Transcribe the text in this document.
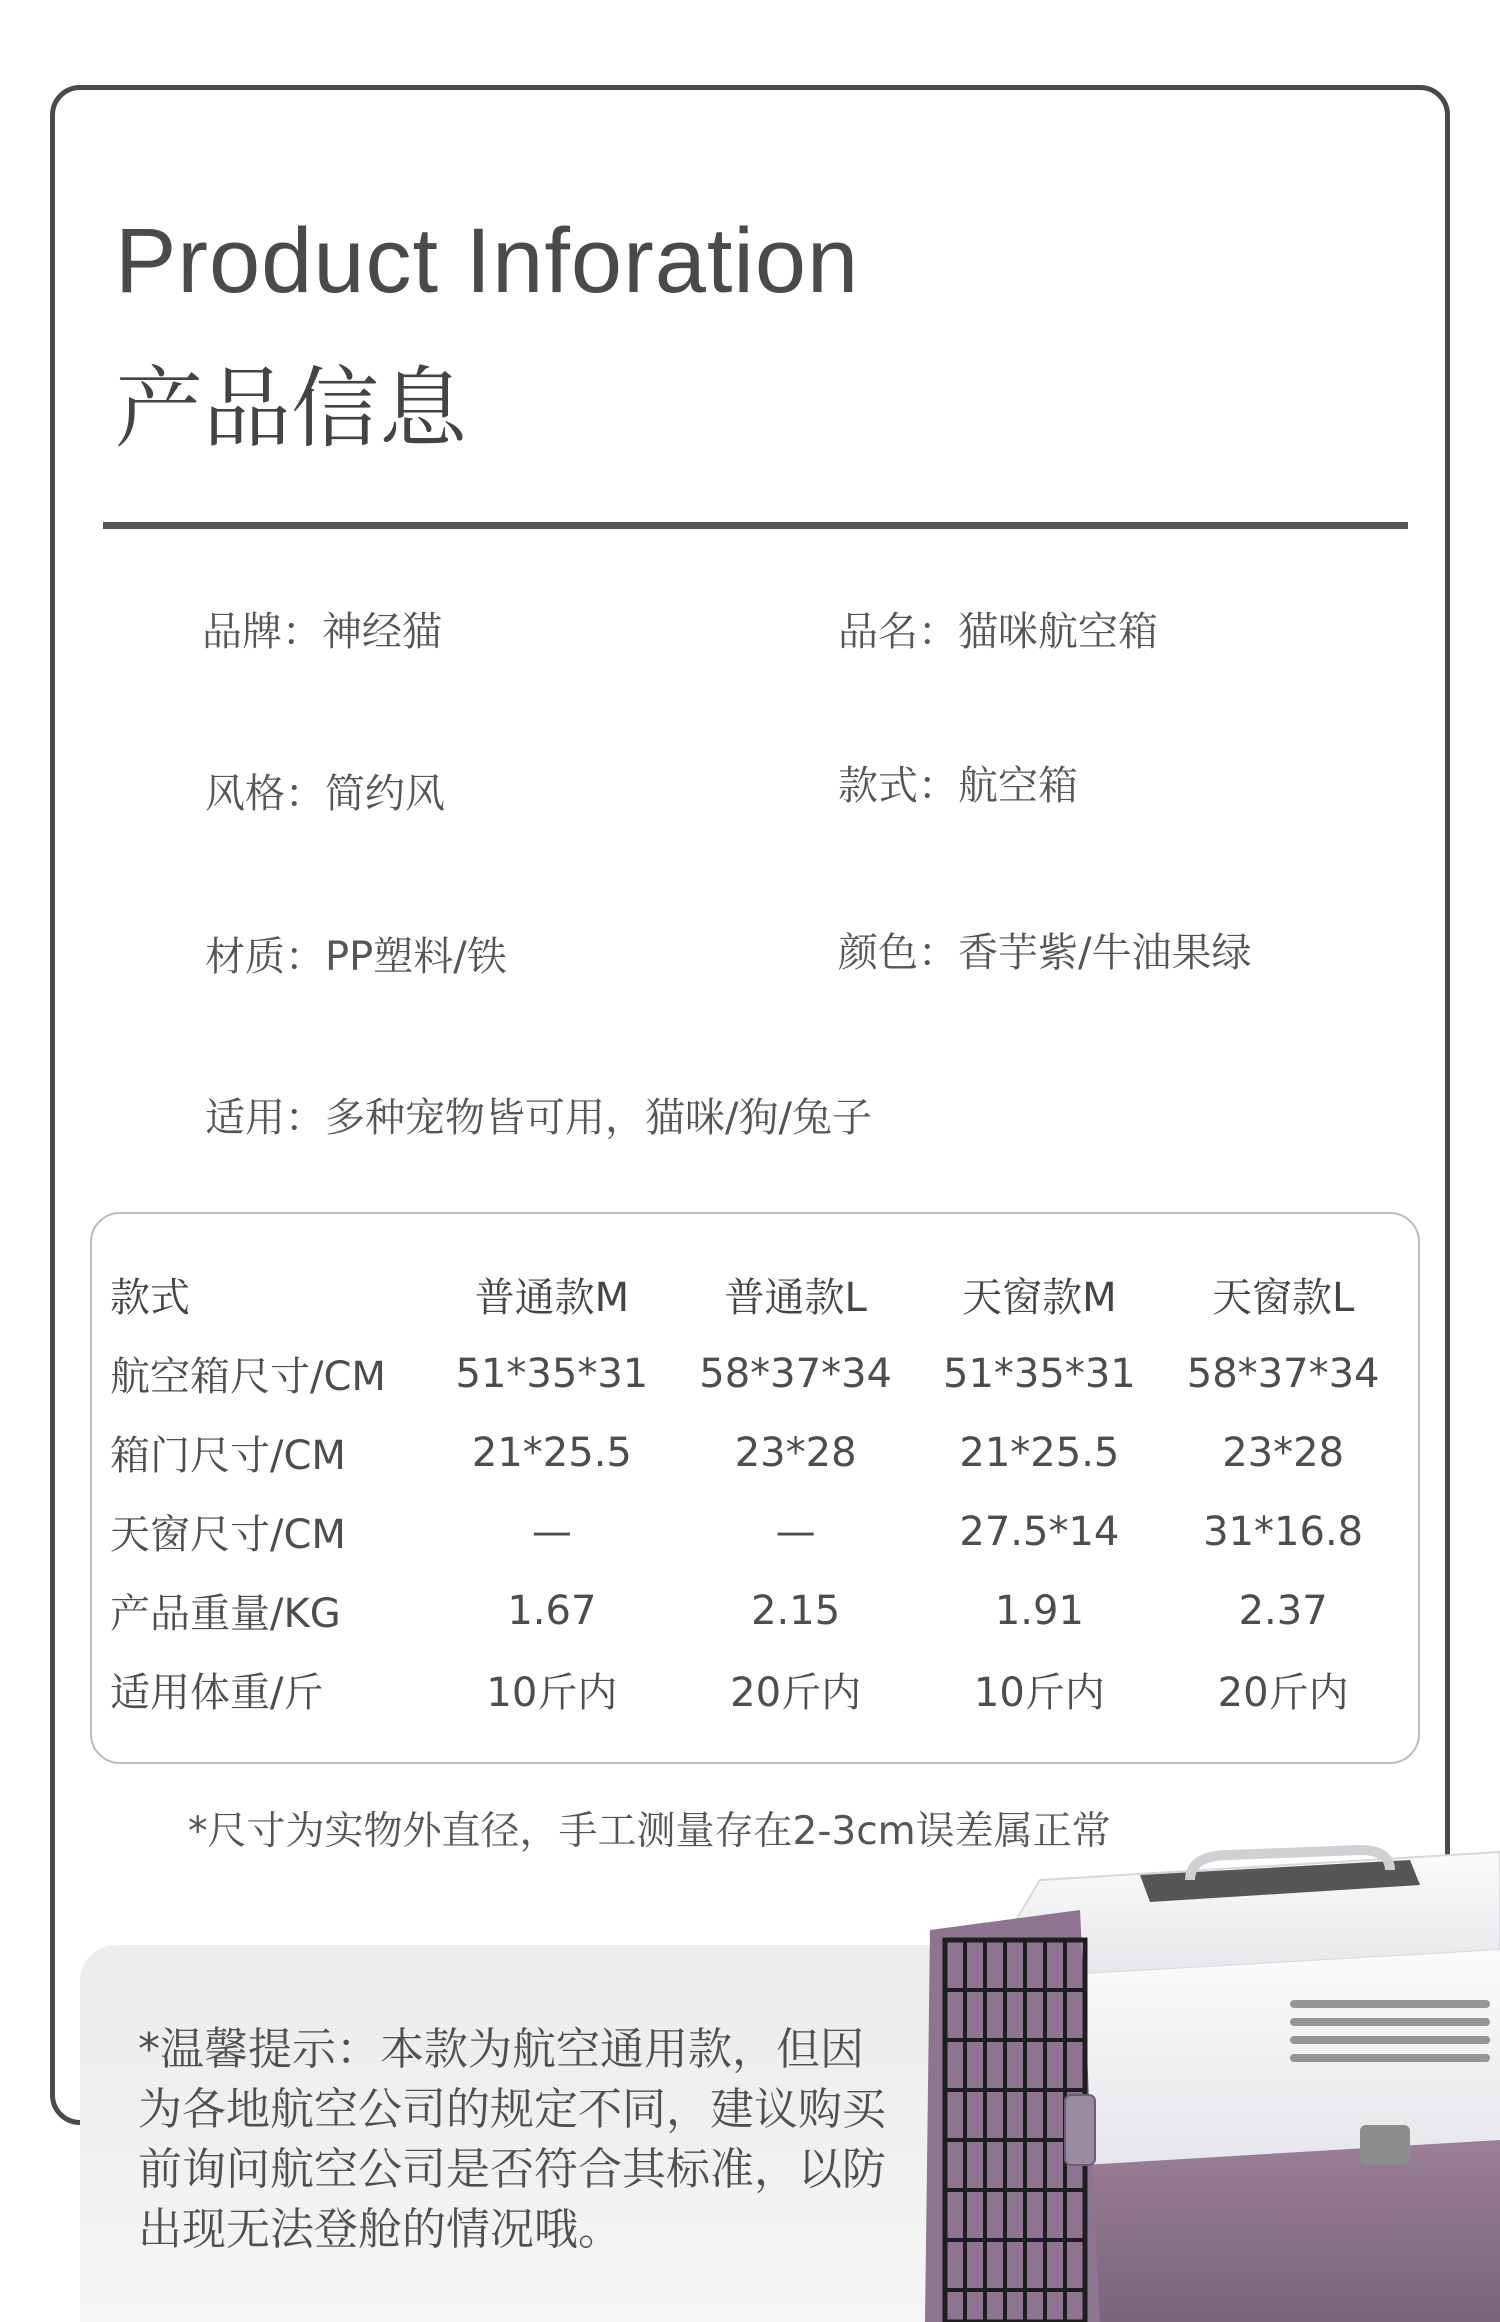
Product Inforation
产品信息
品牌：神经猫	品名：猫咪航空箱
风格：简约风	款式：航空箱
材质：PP塑料/铁	颜色：香芋紫/牛油果绿
适用：多种宠物皆可用，猫咪/狗/兔子
款式	普通款M	普通款L	天窗款M	天窗款L
航空箱尺寸/CM	51*35*31	58*37*34	51*35*31	58*37*34
箱门尺寸/CM	21*25.5	23*28	21*25.5	23*28
天窗尺寸/CM	—	—	27.5*14	31*16.8
产品重量/KG	1.67	2.15	1.91	2.37
适用体重/斤	10斤内	20斤内	10斤内	20斤内
*尺寸为实物外直径，手工测量存在2-3cm误差属正常

*温馨提示：本款为航空通用款，但因为各地航空公司的规定不同，建议购买前询问航空公司是否符合其标准，以防出现无法登舱的情况哦。
